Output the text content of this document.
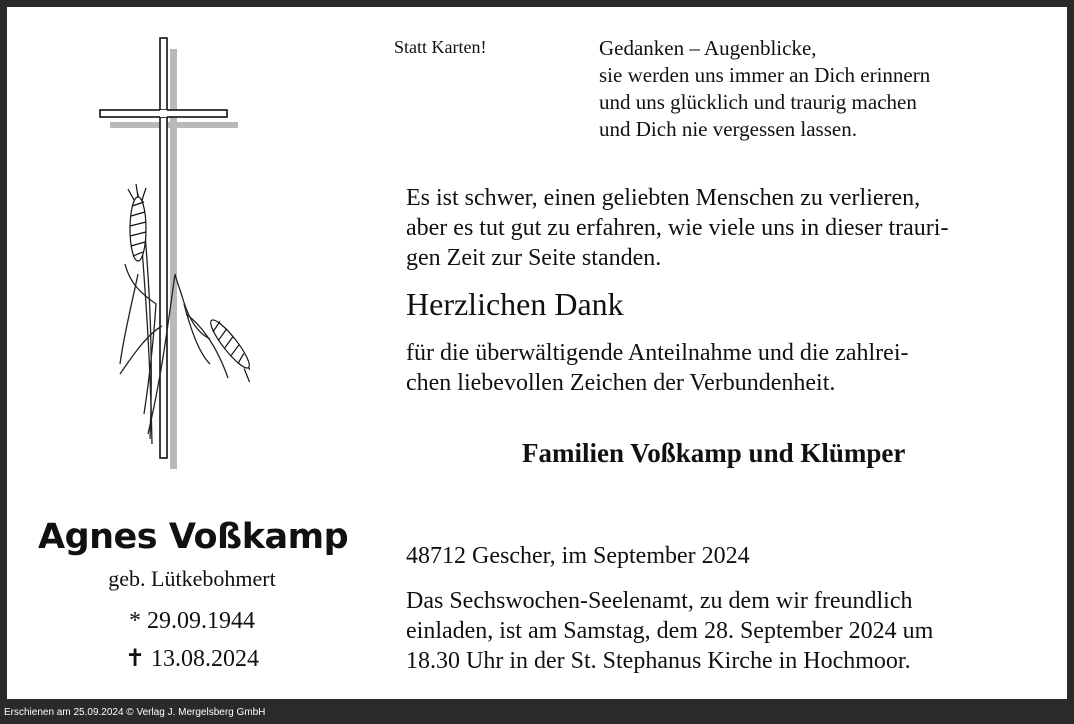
Agnes Voßkamp
geb. Lütkebohmert
* 29.09.1944
✝ 13.08.2024
Statt Karten!	Gedanken – Augenblicke,
sie werden uns immer an Dich erinnern
und uns glücklich und traurig machen
und Dich nie vergessen lassen.
Es ist schwer, einen geliebten Menschen zu verlieren,
aber es tut gut zu erfahren, wie viele uns in dieser trauri-
gen Zeit zur Seite standen.
Herzlichen Dank
für die überwältigende Anteilnahme und die zahlrei-
chen liebevollen Zeichen der Verbundenheit.
Familien Voßkamp und Klümper
48712 Gescher, im September 2024
Das Sechswochen-Seelenamt, zu dem wir freundlich
einladen, ist am Samstag, dem 28. September 2024 um
18.30 Uhr in der St. Stephanus Kirche in Hochmoor.
Erschienen am 25.09.2024 © Verlag J. Mergelsberg GmbH
